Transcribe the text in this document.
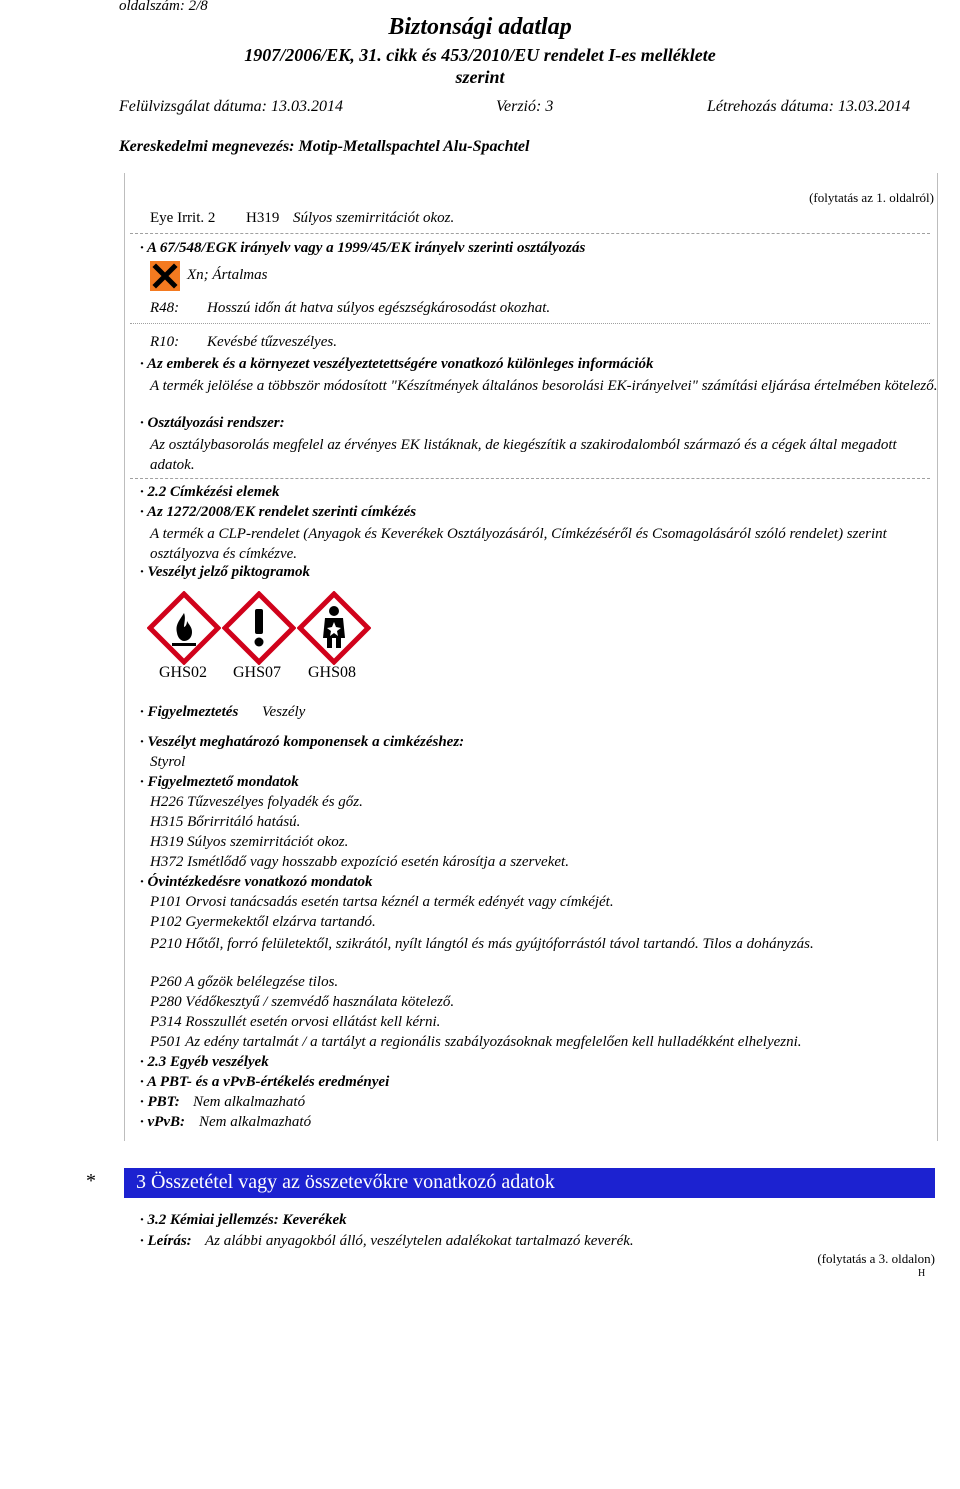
oldalszám: 2/8
Biztonsági adatlap
1907/2006/EK, 31. cikk és 453/2010/EU rendelet I-es melléklete
szerint
Felülvizsgálat dátuma: 13.03.2014	Verzió: 3	Létrehozás dátuma: 13.03.2014
Kereskedelmi megnevezés: Motip-Metallspachtel Alu-Spachtel
(folytatás az 1. oldalról)
Eye Irrit. 2 H319 Súlyos szemirritációt okoz.
· A 67/548/EGK irányelv vagy a 1999/45/EK irányelv szerinti osztályozás
Xn; Ártalmas
R48: Hosszú időn át hatva súlyos egészségkárosodást okozhat.
R10: Kevésbé tűzveszélyes.
· Az emberek és a környezet veszélyeztetettségére vonatkozó különleges információk
A termék jelölése a többször módosított "Készítmények általános besorolási EK-irányelvei" számítási eljárása értelmében kötelező.
· Osztályozási rendszer:
Az osztálybasorolás megfelel az érvényes EK listáknak, de kiegészítik a szakirodalomból származó és a cégek által megadott adatok.
· 2.2 Címkézési elemek
· Az 1272/2008/EK rendelet szerinti címkézés
A termék a CLP-rendelet (Anyagok és Keverékek Osztályozásáról, Címkézéséről és Csomagolásáról szóló rendelet) szerint osztályozva és címkézve.
· Veszélyt jelző piktogramok
GHS02 GHS07 GHS08
· Figyelmeztetés Veszély
· Veszélyt meghatározó komponensek a cimkézéshez:
Styrol
· Figyelmeztető mondatok
H226 Tűzveszélyes folyadék és gőz.
H315 Bőrirritáló hatású.
H319 Súlyos szemirritációt okoz.
H372 Ismétlődő vagy hosszabb expozíció esetén károsítja a szerveket.
· Óvintézkedésre vonatkozó mondatok
P101 Orvosi tanácsadás esetén tartsa kéznél a termék edényét vagy címkéjét.
P102 Gyermekektől elzárva tartandó.
P210 Hőtől, forró felületektől, szikrától, nyílt lángtól és más gyújtóforrástól távol tartandó. Tilos a dohányzás.
P260 A gőzök belélegzése tilos.
P280 Védőkesztyű / szemvédő használata kötelező.
P314 Rosszullét esetén orvosi ellátást kell kérni.
P501 Az edény tartalmát / a tartályt a regionális szabályozásoknak megfelelően kell hulladékként elhelyezni.
· 2.3 Egyéb veszélyek
· A PBT- és a vPvB-értékelés eredményei
· PBT: Nem alkalmazható
· vPvB: Nem alkalmazható
* 3 Összetétel vagy az összetevőkre vonatkozó adatok
· 3.2 Kémiai jellemzés: Keverékek
· Leírás: Az alábbi anyagokból álló, veszélytelen adalékokat tartalmazó keverék.
(folytatás a 3. oldalon)
H
